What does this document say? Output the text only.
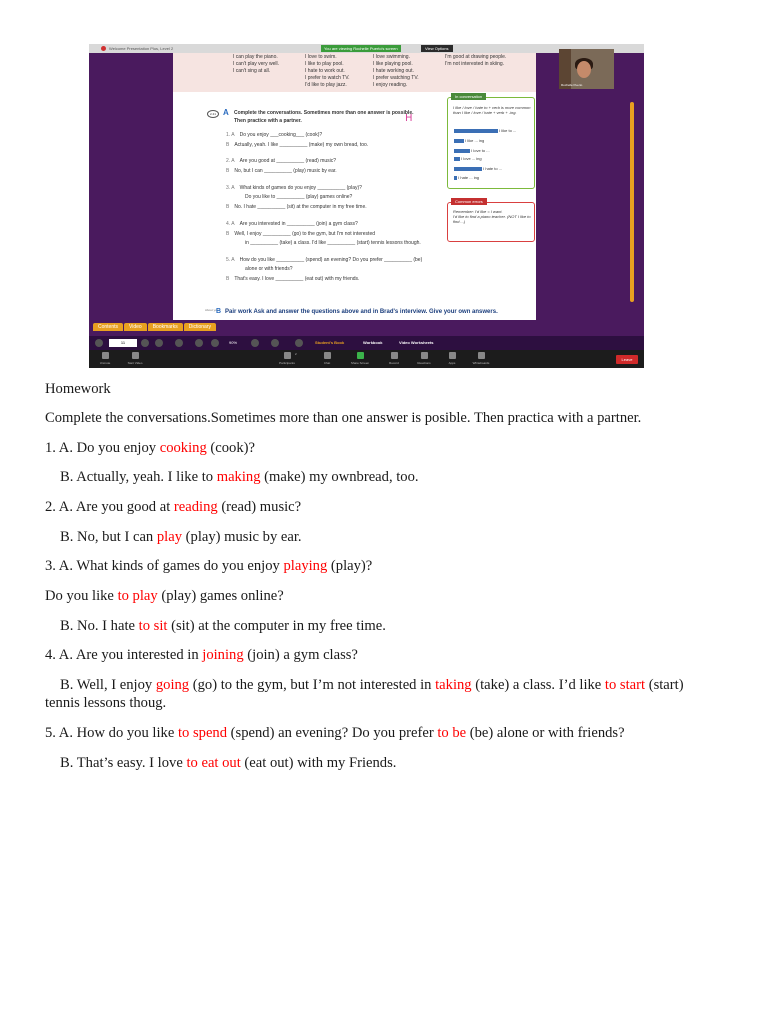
Welcome Presentation Plus, Level 2	You are viewing Rochelle Puerto's screen	View Options
I can play the piano.
I can't play very well.
I can't sing at all.
I love to swim.
I like to play pool.
I hate to work out.
I prefer to watch TV.
I'd like to play jazz.
I love swimming.
I like playing pool.
I hate working out.
I prefer watching TV.
I enjoy reading.
I'm good at drawing people.
I'm not interested in skiing.
2-31 A Complete the conversations. Sometimes more than one answer is possible. Then practice with a partner.	H
1. A Do you enjoy ___cooking___ (cook)?
B Actually, yeah. I like __________ (make) my own bread, too.
2. A Are you good at __________ (read) music?
B No, but I can __________ (play) music by ear.
3. A What kinds of games do you enjoy __________ (play)?
Do you like to __________ (play) games online?
B No. I hate __________ (sit) at the computer in my free time.
4. A Are you interested in __________ (join) a gym class?
B Well, I enjoy __________ (go) to the gym, but I'm not interested
in __________ (take) a class. I'd like __________ (start) tennis lessons though.
5. A How do you like __________ (spend) an evening? Do you prefer __________ (be)
alone or with friends?
B That's easy. I love __________ (eat out) with my friends.
In conversation
I like / love / hate to + verb is more common than I like / love / hate + verb + -ing.
I like to ...
I like ... ing
I love to ...
I love ... ing
I hate to ...
I hate ... ing
Common errors
Remember: I'd like = I want.
I'd like to find a piano teacher. (NOT I like to find ...)
About you
B Pair work Ask and answer the questions above and in Brad's interview. Give your own answers.
Rochelle Puerto
Contents Video Bookmarks Dictionary
11	90%	Student's Book	Workbook	Video Worksheets
Unmute	Start Video	Participants
2
Chat	Share Screen	Record	Reactions	Apps	Whiteboards
Leave
Homework
Complete the conversations.Sometimes more than one answer is posible. Then practica with a partner.
1. A. Do you enjoy cooking (cook)?
B. Actually, yeah. I like to making (make) my ownbread, too.
2. A. Are you good at reading (read) music?
B. No, but I can play (play) music by ear.
3. A. What kinds of games do you enjoy playing (play)?
Do you like to play (play) games online?
B. No. I hate to sit (sit) at the computer in my free time.
4. A. Are you interested in joining (join) a gym class?
B. Well, I enjoy going (go) to the gym, but I’m not interested in taking (take) a class. I’d like to start (start)
tennis lessons thoug.
5. A. How do you like to spend (spend) an evening? Do you prefer to be (be) alone or with friends?
B. That’s easy. I love to eat out (eat out) with my Friends.
